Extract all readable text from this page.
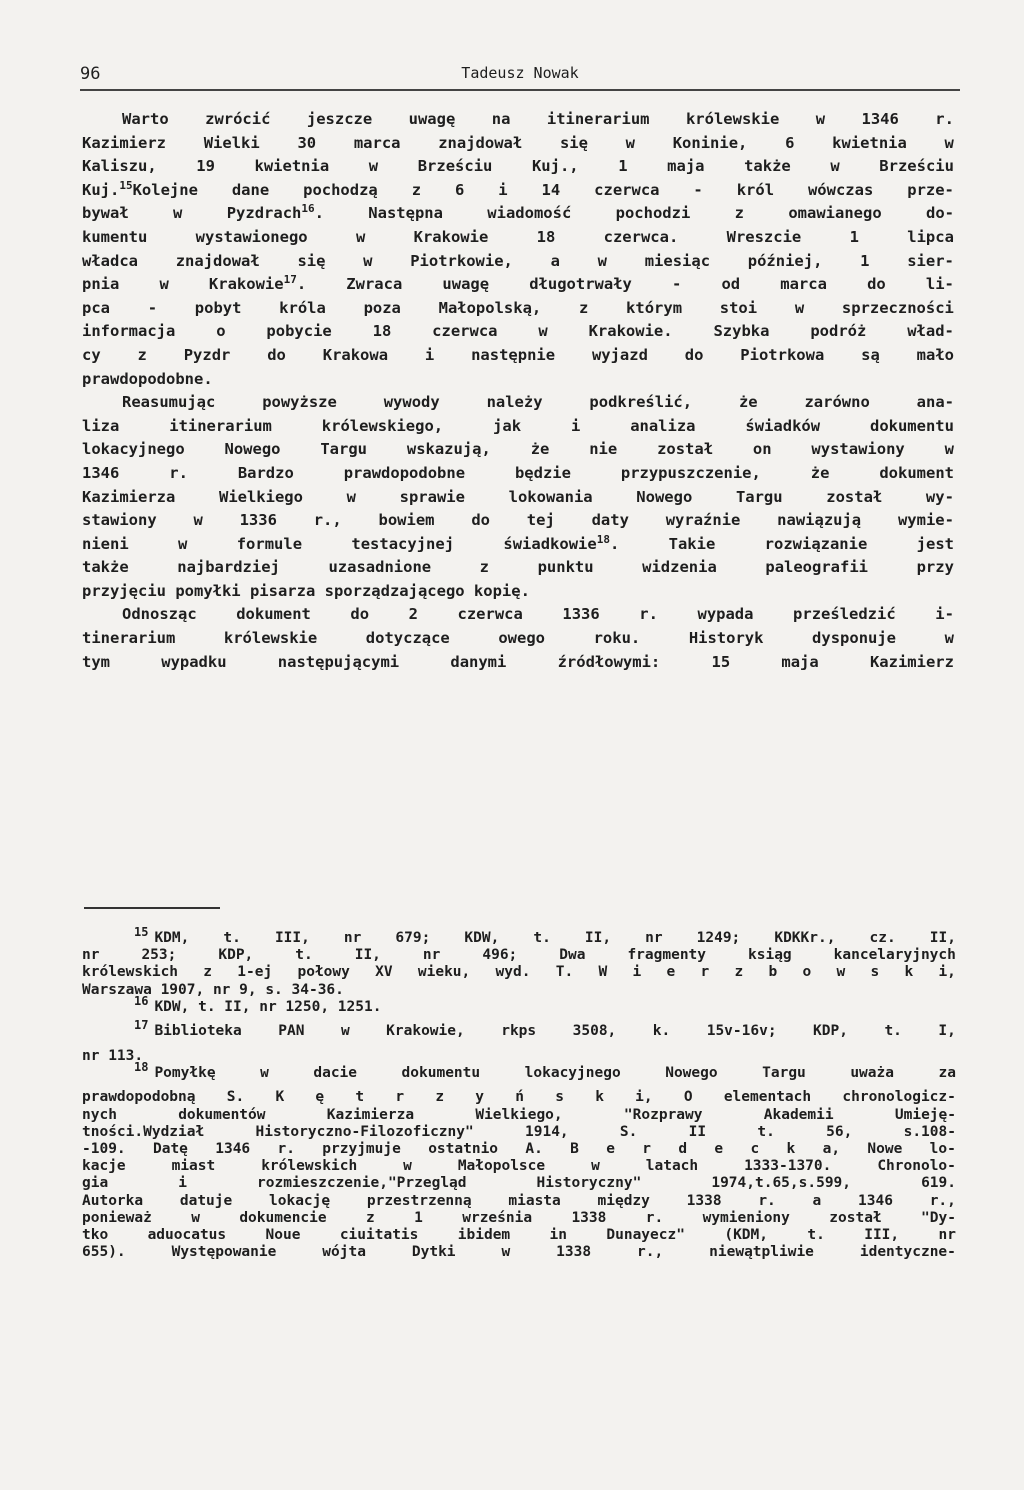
96	Tadeusz Nowak
Warto zwrócić jeszcze uwagę na itinerarium królewskie w 1346 r.
Kazimierz Wielki 30 marca znajdował się w Koninie, 6 kwietnia w
Kaliszu,	19	kwietnia	w	Brześciu	Kuj.,	1	maja	także	w	Brześciu
Kuj.$^{15}$Kolejne dane pochodzą z 6 i 14 czerwca - król wówczas prze-
bywał	w	Pyzdrach$^{16}$.	Następna	wiadomość	pochodzi	z	omawianego	do-
kumentu	wystawionego	w	Krakowie	18	czerwca.	Wreszcie	1	lipca
władca znajdował się w Piotrkowie, a w miesiąc później, 1 sier-
pnia	w	Krakowie$^{17}$.	Zwraca	uwagę	długotrwały	-	od	marca	do	li-
pca - pobyt króla poza Małopolską, z którym stoi w sprzeczności
informacja	o	pobycie	18	czerwca	w	Krakowie.	Szybka	podróż	wład-
cy z Pyzdr do Krakowa i następnie wyjazd do Piotrkowa są mało
prawdopodobne.
Reasumując	powyższe	wywody	należy	podkreślić,	że	zarówno	ana-
liza	itinerarium	królewskiego,	jak	i	analiza	świadków	dokumentu
lokacyjnego	Nowego	Targu	wskazują,	że	nie	został	on	wystawiony	w
1346	r.	Bardzo	prawdopodobne	będzie	przypuszczenie,	że	dokument
Kazimierza	Wielkiego	w	sprawie	lokowania	Nowego	Targu	został	wy-
stawiony w 1336 r., bowiem do tej daty wyraźnie nawiązują wymie-
nieni	w	formule	testacyjnej	świadkowie$^{18}$.	Takie	rozwiązanie	jest
także	najbardziej	uzasadnione	z	punktu	widzenia	paleografii	przy
przyjęciu pomyłki pisarza sporządzającego kopię.
Odnosząc	dokument	do	2	czerwca	1336	r.	wypada	prześledzić	i-
tinerarium	królewskie	dotyczące	owego	roku.	Historyk	dysponuje	w
tym	wypadku	następującymi	danymi	źródłowymi:	15	maja	Kazimierz
$^{15}$ KDM, t. III, nr 679; KDW, t. II, nr 1249; KDKKr., cz. II,
nr	253;	KDP,	t.	II,	nr	496;	Dwa	fragmenty	ksiąg	kancelaryjnych
królewskich z 1-ej połowy XV wieku, wyd. T. W i e r z b o w s k i,
Warszawa 1907, nr 9, s. 34-36.
$^{16}$ KDW, t. II, nr 1250, 1251.
$^{17}$ Biblioteka	PAN	w	Krakowie,	rkps	3508,	k.	15v-16v;	KDP,	t.	I,
nr 113.
$^{18}$ Pomyłkę	w	dacie	dokumentu	lokacyjnego	Nowego	Targu	uważa	za
prawdopodobną S. K ę t r z y ń s k i, O elementach chronologicz-
nych	dokumentów	Kazimierza	Wielkiego,	"Rozprawy	Akademii	Umieję-
tności.Wydział	Historyczno-Filozoficzny"	1914,	S.	II	t.	56,	s.108-
-109. Datę 1346 r. przyjmuje ostatnio A. B e r d e c k a, Nowe lo-
kacje	miast	królewskich	w	Małopolsce	w	latach	1333-1370.	Chronolo-
gia	i	rozmieszczenie,"Przegląd	Historyczny"	1974,t.65,s.599,	619.
Autorka	datuje	lokację	przestrzenną	miasta	między	1338	r.	a	1346	r.,
ponieważ	w	dokumencie	z	1	września	1338	r.	wymieniony	został	"Dy-
tko	aduocatus	Noue	ciuitatis	ibidem	in	Dunayecz"	(KDM,	t.	III,	nr
655).	Występowanie	wójta	Dytki	w	1338	r.,	niewątpliwie	identyczne-
